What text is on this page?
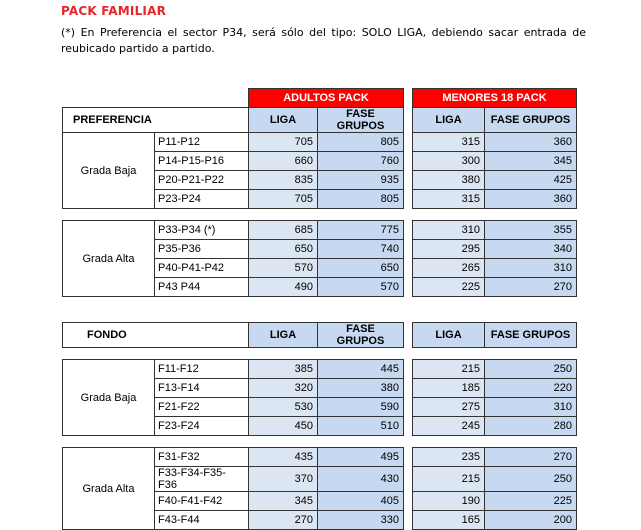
PACK FAMILIAR
(*) En Preferencia el sector P34, será sólo del tipo: SOLO LIGA, debiendo sacar entrada de reubicado partido a partido.
		ADULTOS PACK			MENORES 18 PACK	
PREFERENCIA		LIGA	FASE GRUPOS		LIGA	FASE GRUPOS
Grada Baja	P11-P12	705	805		315	360
	P14-P15-P16	660	760		300	345
	P20-P21-P22	835	935		380	425
	P23-P24	705	805		315	360

Grada Alta	P33-P34 (*)	685	775		310	355
	P35-P36	650	740		295	340
	P40-P41-P42	570	650		265	310
	P43 P44	490	570		225	270
FONDO		LIGA	FASE GRUPOS		LIGA	FASE GRUPOS

Grada Baja	F11-F12	385	445		215	250
	F13-F14	320	380		185	220
	F21-F22	530	590		275	310
	F23-F24	450	510		245	280

Grada Alta	F31-F32	435	495		235	270
	F33-F34-F35-F36	370	430		215	250
	F40-F41-F42	345	405		190	225
	F43-F44	270	330		165	200
